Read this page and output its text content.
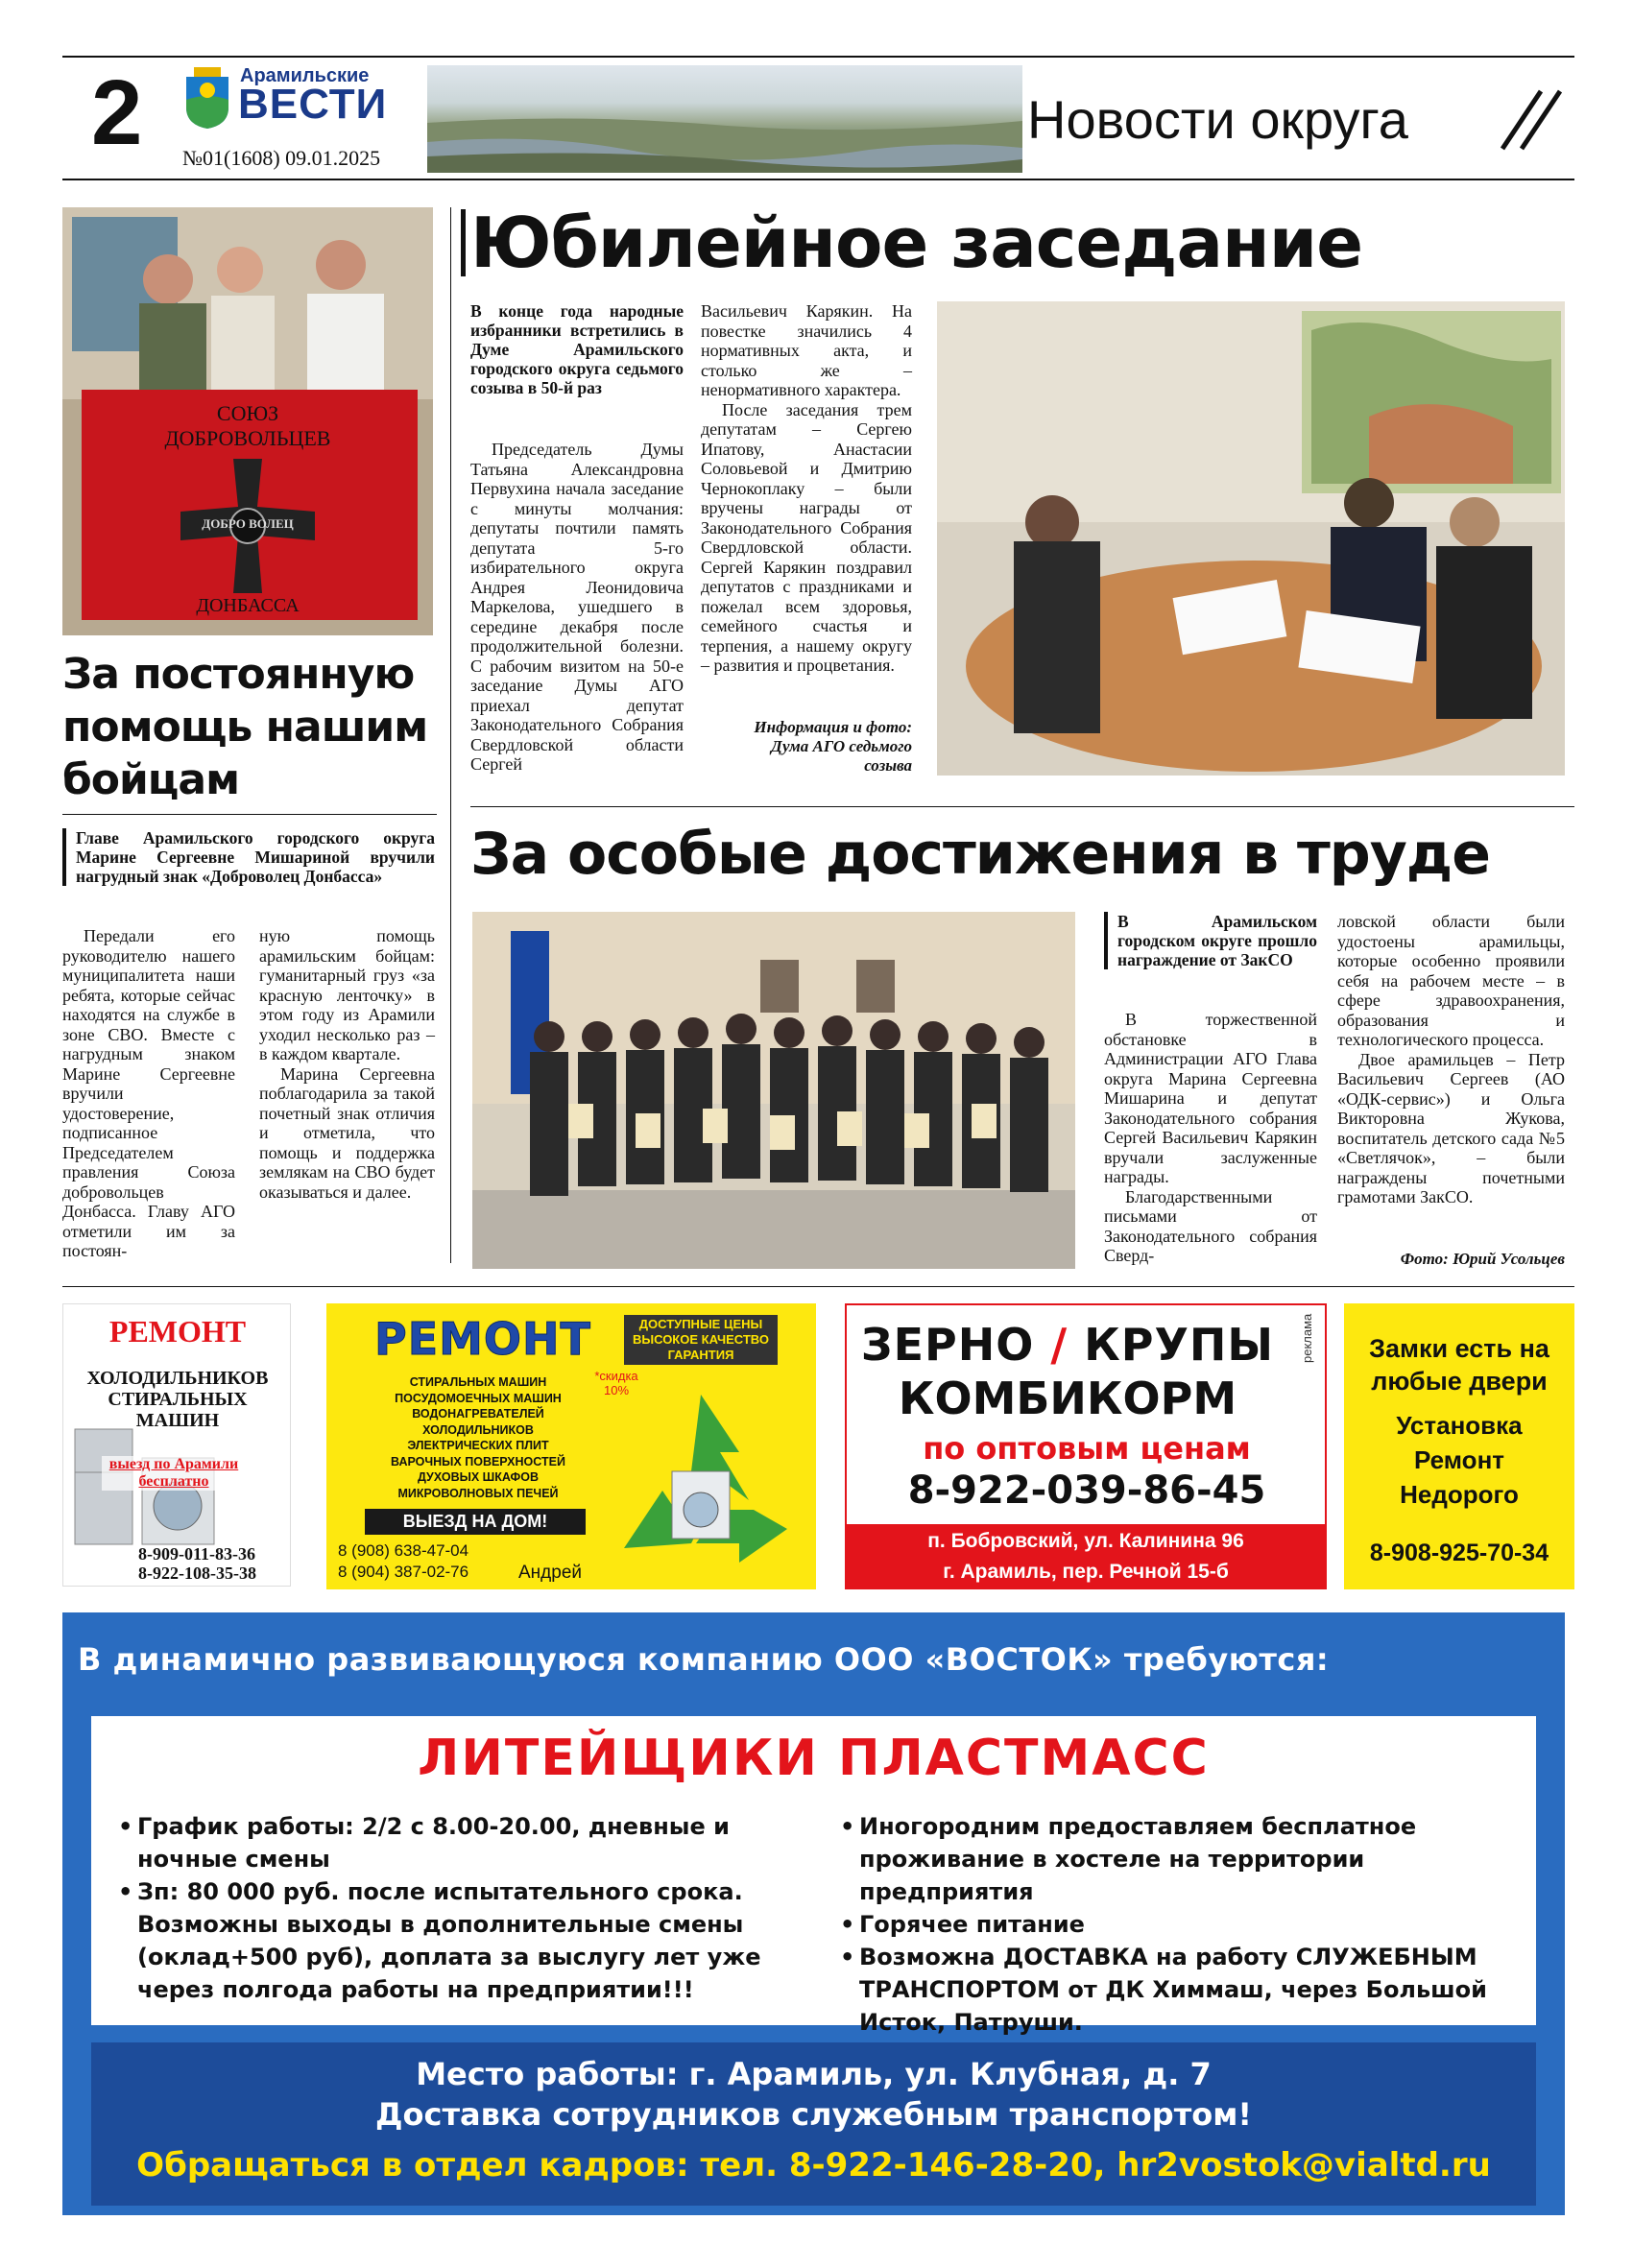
2	Арамильские
ВЕСТИ
№01(1608) 09.01.2025
Новости округа
СОЮЗ
ДОБРОВОЛЬЦЕВ
ДОБРО ВОЛЕЦ
ДОНБАССА
За постоянную помощь нашим бойцам
Главе Арамильского городского округа Марине Сергеевне Мишариной вручили нагрудный знак «Доброволец Донбасса»

Передали его руководителю нашего муниципалитета наши ребята, которые сейчас находятся на службе в зоне СВО. Вместе с нагрудным знаком Марине Сергеевне вручили удостоверение, подписанное Председателем правления Союза добровольцев Донбасса. Главу АГО отметили им за постоян-

ную помощь арамильским бойцам: гуманитарный груз «за красную ленточку» в этом году из Арамили уходил несколько раз – в каждом квартале.

Марина Сергеевна поблагодарила за такой почетный знак отличия и отметила, что помощь и поддержка землякам на СВО будет оказываться и далее.

Юбилейное заседание
В конце года народные избранники встретились в Думе Арамильского городского округа седьмого созыва в 50-й раз

Председатель Думы Татьяна Александровна Первухина начала заседание с минуты молчания: депутаты почтили память депутата 5-го избирательного округа Андрея Леонидовича Маркелова, ушедшего в середине декабря после продолжительной болезни. С рабочим визитом на 50-е заседание Думы АГО приехал депутат Законодательного Собрания Свердловской области Сергей

Васильевич Карякин. На повестке значились 4 нормативных акта, и столько же – ненормативного характера.

После заседания трем депутатам – Сергею Ипатову, Анастасии Соловьевой и Дмитрию Чернокоплаку – были вручены награды от Законодательного Собрания Свердловской области. Сергей Карякин поздравил депутатов с праздниками и пожелал всем здоровья, семейного счастья и терпения, а нашему округу – развития и процветания.

Информация и фото: Дума АГО седьмого созыва
За особые достижения в труде
В Арамильском городском округе прошло награждение от ЗакСО

В торжественной обстановке в Администрации АГО Глава округа Марина Сергеевна Мишарина и депутат Законодательного собрания Сергей Васильевич Карякин вручали заслуженные награды.

Благодарственными письмами от Законодательного собрания Сверд-

ловской области были удостоены арамильцы, которые особенно проявили себя на рабочем месте – в сфере здравоохранения, образования и технологического процесса.

Двое арамильцев – Петр Васильевич Сергеев (АО «ОДК-сервис») и Ольга Викторовна Жукова, воспитатель детского сада №5 «Светлячок», – были награждены почетными грамотами ЗакСО.

Фото: Юрий Усольцев
РЕМОНТ
ХОЛОДИЛЬНИКОВ
СТИРАЛЬНЫХ
МАШИН
выезд по Арамили бесплатно
8-909-011-83-36
8-922-108-35-38
РЕМОНТ	ДОСТУПНЫЕ ЦЕНЫ
ВЫСОКОЕ КАЧЕСТВО
ГАРАНТИЯ
*скидка 10%
СТИРАЛЬНЫХ МАШИН
ПОСУДОМОЕЧНЫХ МАШИН
ВОДОНАГРЕВАТЕЛЕЙ
ХОЛОДИЛЬНИКОВ
ЭЛЕКТРИЧЕСКИХ ПЛИТ
ВАРОЧНЫХ ПОВЕРХНОСТЕЙ
ДУХОВЫХ ШКАФОВ
МИКРОВОЛНОВЫХ ПЕЧЕЙ
ВЫЕЗД НА ДОМ!
8 (908) 638-47-04
8 (904) 387-02-76	Андрей
ЗЕРНО / КРУПЫ
КОМБИКОРМ
по оптовым ценам
8-922-039-86-45
п. Бобровский, ул. Калинина 96
г. Арамиль, пер. Речной 15-б
реклама	Замки есть на любые двери
Установка
Ремонт
Недорого
8-908-925-70-34
В динамично развивающуюся компанию ООО «ВОСТОК» требуются:
ЛИТЕЙЩИКИ ПЛАСТМАСС
• График работы: 2/2 с 8.00-20.00, дневные и ночные смены
• Зп: 80 000 руб. после испытательного срока. Возможны выходы в дополнительные смены (оклад+500 руб), доплата за выслугу лет уже через полгода работы на предприятии!!!
• Иногородним предоставляем бесплатное проживание в хостеле на территории предприятия
• Горячее питание
• Возможна ДОСТАВКА на работу СЛУЖЕБНЫМ ТРАНСПОРТОМ от ДК Химмаш, через Большой Исток, Патруши.
Место работы: г. Арамиль, ул. Клубная, д. 7
Доставка сотрудников служебным транспортом!
Обращаться в отдел кадров: тел. 8-922-146-28-20, hr2vostok@vialtd.ru
